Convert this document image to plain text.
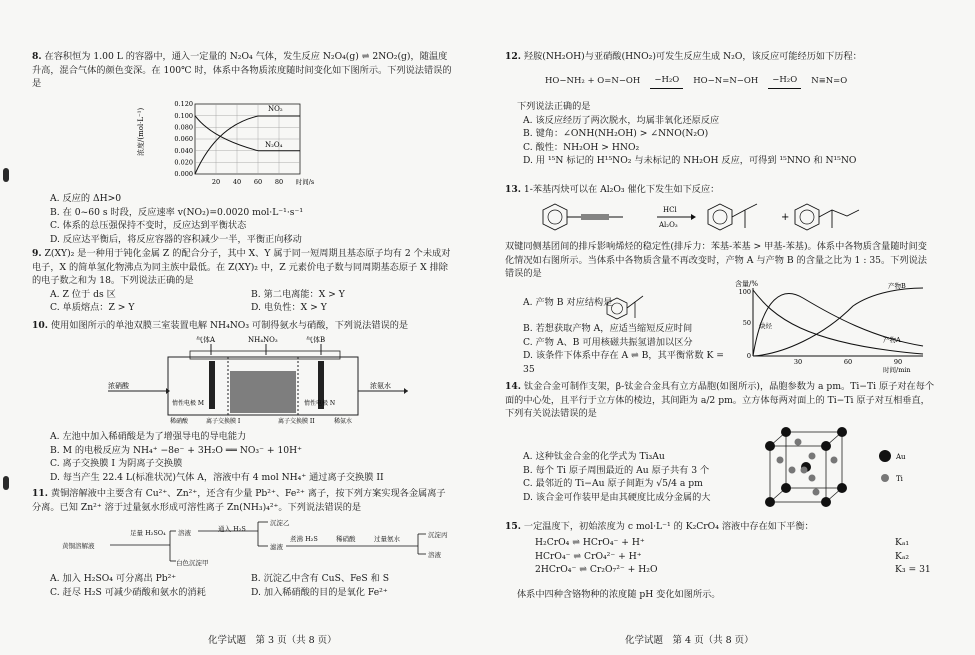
8. 在容积恒为 1.00 L 的容器中，通入一定量的 N₂O₄ 气体，发生反应 N₂O₄(g) ⇌ 2NO₂(g)，随温度升高，混合气体的颜色变深。在 100℃ 时，体系中各物质浓度随时间变化如下图所示。下列说法错误的是
浓度/(mol·L⁻¹)
0.120
0.100
0.080
0.060
0.040
0.020
0.000
20 40 60 80 时间/s
NO₂
N₂O₄
A. 反应的 ΔH>0
B. 在 0~60 s 时段，反应速率 v(NO₂)=0.0020 mol·L⁻¹·s⁻¹
C. 体系的总压强保持不变时，反应达到平衡状态
D. 反应达平衡后，将反应容器的容积减少一半，平衡正向移动
9. Z(XY)₂ 是一种用于钝化金属 Z 的配合分子，其中 X、Y 属于同一短周期且基态原子均有 2 个未成对电子，X 的简单氢化物沸点为同主族中最低。在 Z(XY)₂ 中，Z 元素价电子数与同周期基态原子 X 排除的电子数之和为 18。下列说法正确的是
A. Z 位于 ds 区	B. 第二电离能：X > Y
C. 单质熔点：Z > Y	D. 电负性：X > Y
10. 使用如图所示的单池双膜三室装置电解 NH₄NO₃ 可制得氨水与硝酸，下列说法错误的是
气体A	NH₄NO₃	气体B
浓硝酸	浓氨水
惰性电极 M	惰性电极 N
离子交换膜 I	离子交换膜 II
稀硝酸	稀氨水
A. 左池中加入稀硝酸是为了增强导电的导电能力
B. M 的电极反应为 NH₄⁺ −8e⁻ + 3H₂O ══ NO₃⁻ + 10H⁺
C. 离子交换膜 I 为阴离子交换膜
D. 每当产生 22.4 L(标准状况)气体 A，溶液中有 4 mol NH₄⁺ 通过离子交换膜 II
11. 黄铜溶解液中主要含有 Cu²⁺、Zn²⁺，还含有少量 Pb²⁺、Fe²⁺ 离子，按下列方案实现各金属离子分离。已知 Zn²⁺ 溶于过量氨水形成可溶性离子 Zn(NH₃)₄²⁺。下列说法错误的是
黄铜溶解液
足量 H₂SO₄ 溶液
白色沉淀甲
通入 H₂S
沉淀乙
滤液
煮沸 H₂S	稀硝酸	过量氨水	沉淀丙
溶液
A. 加入 H₂SO₄ 可分离出 Pb²⁺	B. 沉淀乙中含有 CuS、FeS 和 S
C. 赶尽 H₂S 可减少硝酸和氨水的消耗	D. 加入稀硝酸的目的是氧化 Fe²⁺
化学试题　第 3 页（共 8 页）
12. 羟胺(NH₂OH)与亚硝酸(HNO₂)可发生反应生成 N₂O，该反应可能经历如下历程：
HO−NH₂ + O=N−OH	−H₂O	HO−N=N−OH	−H₂O	N≡N=O
下列说法正确的是
A. 该反应经历了两次脱水，均属非氧化还原反应
B. 键角：∠ONH(NH₂OH) > ∠NNO(N₂O)
C. 酸性：NH₂OH > HNO₂
D. 用 ¹⁵N 标记的 H¹⁵NO₂ 与未标记的 NH₂OH 反应，可得到 ¹⁵NNO 和 N¹⁵NO
13. 1-苯基丙炔可以在 Al₂O₃ 催化下发生如下反应：
HCl
Al₂O₃
+
双键同侧基团间的排斥影响烯烃的稳定性(排斥力：苯基-苯基 > 甲基-苯基)。体系中各物质含量随时间变化情况如右图所示。当体系中各物质含量不再改变时，产物 A 与产物 B 的含量之比为 1 : 35。下列说法错误的是
A. 产物 B 对应结构是
B. 若想获取产物 A，应适当缩短反应时间
C. 产物 A、B 可用核磁共振氢谱加以区分
D. 该条件下体系中存在 A ⇌ B，其平衡常数 K = 35
含量/%
100
50
0
30	60	90
时间/min
炔烃
产物A
产物B
14. 钛金合金可制作支架，β-钛金合金具有立方晶胞(如图所示)，晶胞参数为 a pm。Ti−Ti 原子对在每个面的中心处，且平行于立方体的棱边，其间距为 a/2 pm。立方体每两对面上的 Ti−Ti 原子对互相垂直，下列有关说法错误的是
A. 这种钛金合金的化学式为 Ti₃Au
B. 每个 Ti 原子周围最近的 Au 原子共有 3 个
C. 最邻近的 Ti−Au 原子间距为 √5/4 a pm
D. 该合金可作装甲是由其硬度比成分金属的大
Au
Ti
15. 一定温度下，初始浓度为 c mol·L⁻¹ 的 K₂CrO₄ 溶液中存在如下平衡：
H₂CrO₄ ⇌ HCrO₄⁻ + H⁺	Kₐ₁
HCrO₄⁻ ⇌ CrO₄²⁻ + H⁺	Kₐ₂
2HCrO₄⁻ ⇌ Cr₂O₇²⁻ + H₂O	K₃ = 31
体系中四种含铬物种的浓度随 pH 变化如图所示。
化学试题　第 4 页（共 8 页）
